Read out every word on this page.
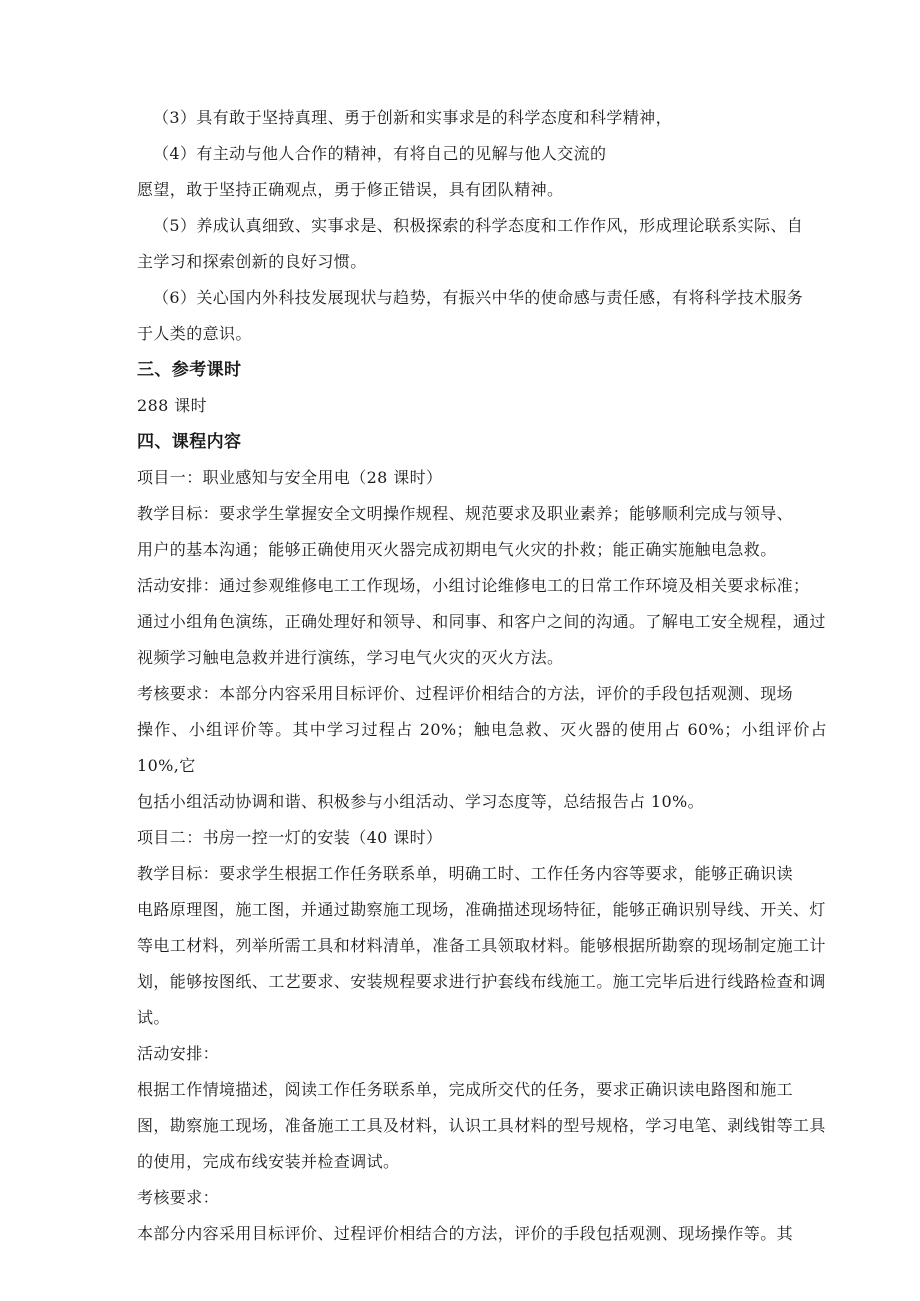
（3）具有敢于坚持真理、勇于创新和实事求是的科学态度和科学精神，

（4）有主动与他人合作的精神，有将自己的见解与他人交流的

愿望，敢于坚持正确观点，勇于修正错误，具有团队精神。

（5）养成认真细致、实事求是、积极探索的科学态度和工作作风，形成理论联系实际、自

主学习和探索创新的良好习惯。

（6）关心国内外科技发展现状与趋势，有振兴中华的使命感与责任感，有将科学技术服务

于人类的意识。

三、参考课时

288 课时

四、课程内容

项目一：职业感知与安全用电（28 课时）

教学目标：要求学生掌握安全文明操作规程、规范要求及职业素养；能够顺利完成与领导、

用户的基本沟通；能够正确使用灭火器完成初期电气火灾的扑救；能正确实施触电急救。

活动安排：通过参观维修电工工作现场，小组讨论维修电工的日常工作环境及相关要求标准；

通过小组角色演练，正确处理好和领导、和同事、和客户之间的沟通。了解电工安全规程，通过

视频学习触电急救并进行演练，学习电气火灾的灭火方法。

考核要求：本部分内容采用目标评价、过程评价相结合的方法，评价的手段包括观测、现场

操作、小组评价等。其中学习过程占 20%；触电急救、灭火器的使用占 60%；小组评价占 10%,它

包括小组活动协调和谐、积极参与小组活动、学习态度等，总结报告占 10%。

项目二：书房一控一灯的安装（40 课时）

教学目标：要求学生根据工作任务联系单，明确工时、工作任务内容等要求，能够正确识读

电路原理图，施工图，并通过勘察施工现场，准确描述现场特征，能够正确识别导线、开关、灯

等电工材料，列举所需工具和材料清单，准备工具领取材料。能够根据所勘察的现场制定施工计

划，能够按图纸、工艺要求、安装规程要求进行护套线布线施工。施工完毕后进行线路检查和调

试。

活动安排：

根据工作情境描述，阅读工作任务联系单，完成所交代的任务，要求正确识读电路图和施工

图，勘察施工现场，准备施工工具及材料，认识工具材料的型号规格，学习电笔、剥线钳等工具

的使用，完成布线安装并检查调试。

考核要求：

本部分内容采用目标评价、过程评价相结合的方法，评价的手段包括观测、现场操作等。其
